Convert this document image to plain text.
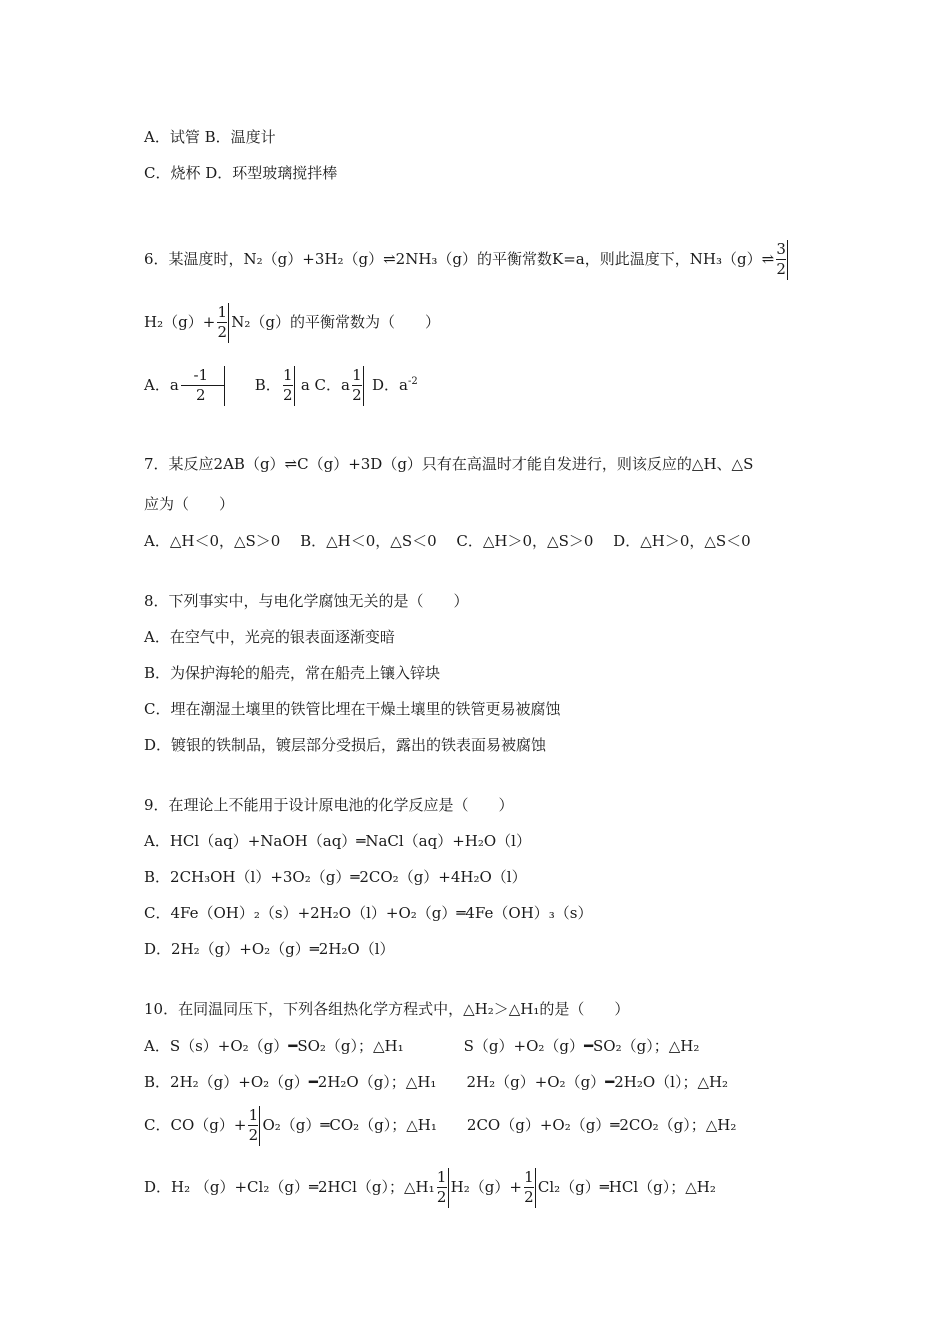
A．试管 B．温度计
C．烧杯 D．环型玻璃搅拌棒
6．某温度时，N₂（g）+3H₂（g）⇌2NH₃（g）的平衡常数K=a，则此温度下，NH₃（g）⇌ $\frac{3}{2}$
$H_2(g)+ \frac{1}{2} N_2(g)$的平衡常数为（　　）
A．a $\frac{-1}{2}$ B． $\frac{1}{2}$ a C．a $\frac{1}{2}$ D．$a^{-2}$
7．某反应2AB（g）⇌C（g）+3D（g）只有在高温时才能自发进行，则该反应的△H、△S
应为（　　）
A．△H＜0，△S＞0　 B．△H＜0，△S＜0　 C．△H＞0，△S＞0　 D．△H＞0，△S＜0
8．下列事实中，与电化学腐蚀无关的是（　　）
A．在空气中，光亮的银表面逐渐变暗
B．为保护海轮的船壳，常在船壳上镶入锌块
C．埋在潮湿土壤里的铁管比埋在干燥土壤里的铁管更易被腐蚀
D．镀银的铁制品，镀层部分受损后，露出的铁表面易被腐蚀
9．在理论上不能用于设计原电池的化学反应是（　　）
A．HCl（aq）+NaOH（aq）═NaCl（aq）+H₂O（l）
B．2CH₃OH（l）+3O₂（g）═2CO₂（g）+4H₂O（l）
C．4Fe（OH）₂（s）+2H₂O（l）+O₂（g）═4Fe（OH）₃（s）
D．2H₂（g）+O₂（g）═2H₂O（l）
10．在同温同压下，下列各组热化学方程式中，△H₂＞△H₁的是（　　）
A．S（s）+O₂（g）━SO₂（g）；△H₁	S（g）+O₂（g）━SO₂（g）；△H₂
B．2H₂（g）+O₂（g）━2H₂O（g）；△H₁ 2H₂（g）+O₂（g）━2H₂O（l）；△H₂
C．$CO(g)+ \frac{1}{2}$ O₂（g）═CO₂（g）；△H₁ 2CO（g）+O₂（g）═2CO₂（g）；△H₂
D．H₂ （g）+Cl₂（g）═2HCl（g）；△H₁ $\frac{1}{2} H_2(g)+ \frac{1}{2}$ Cl₂（g）═HCl（g）；△H₂
